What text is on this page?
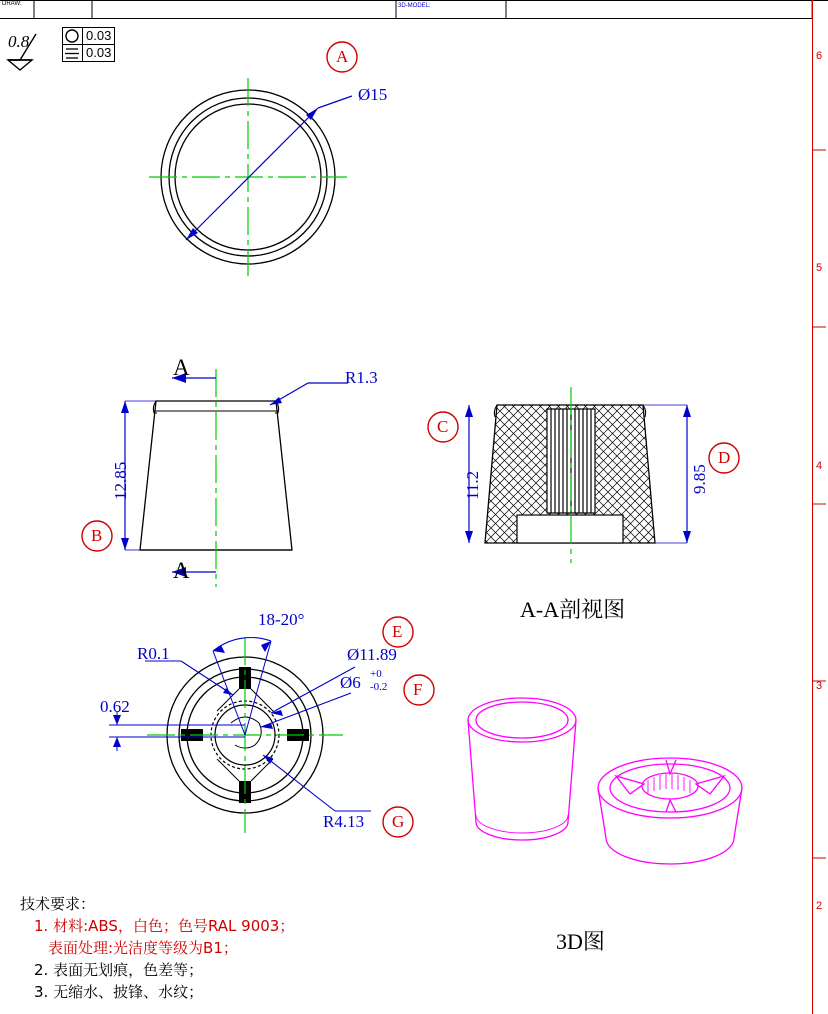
DRAW:	3D-MODEL:
0.8	0.03
0.03
Ø15
A
A
A
R1.3
12.85
B
11.2	9.85
C
D
A-A剖视图
18-20°
R0.1	Ø11.89
Ø6 +0
-0.2
0.62
R4.13
E
F
G
3D图
技术要求：
1. 材料:ABS，白色；色号RAL 9003；
表面处理:光洁度等级为B1；
2. 表面无划痕，色差等；
3. 无缩水、披锋、水纹；
6
5
4
3
2
